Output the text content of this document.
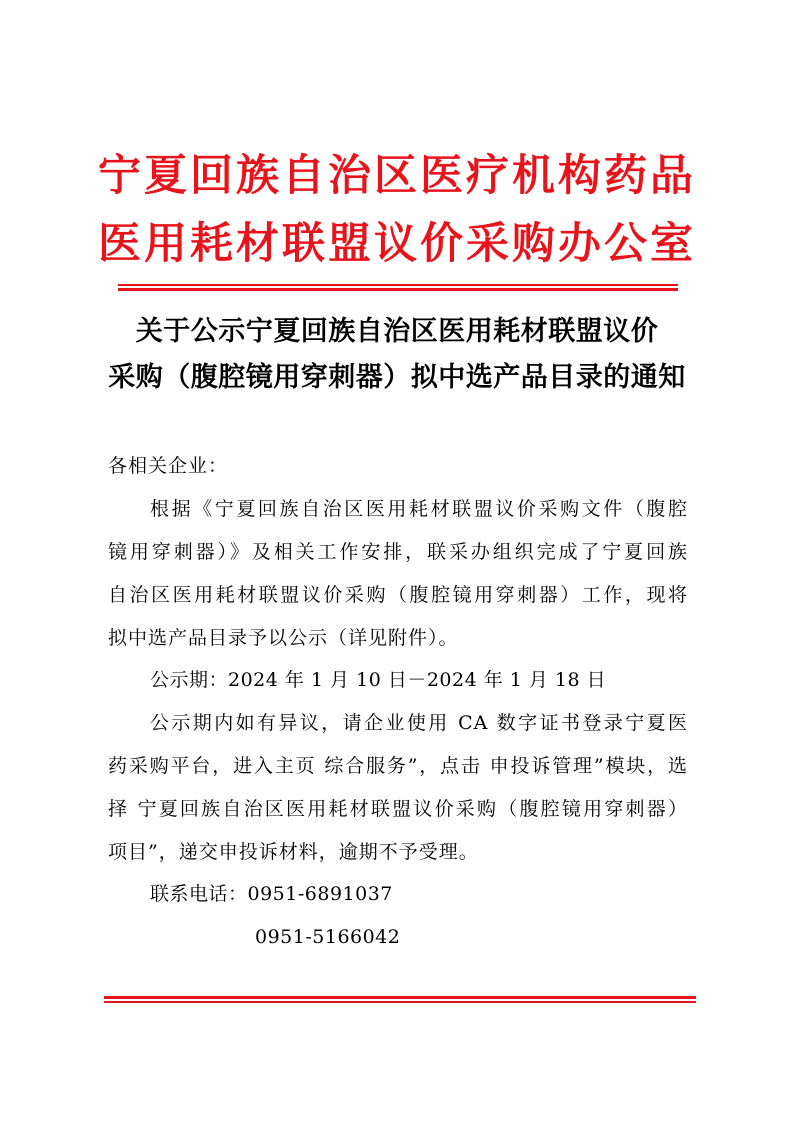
宁夏回族自治区医疗机构药品
医用耗材联盟议价采购办公室
关于公示宁夏回族自治区医用耗材联盟议价
采购（腹腔镜用穿刺器）拟中选产品目录的通知
各相关企业：
根据《宁夏回族自治区医用耗材联盟议价采购文件（腹腔
镜用穿刺器）》及相关工作安排，联采办组织完成了宁夏回族
自治区医用耗材联盟议价采购（腹腔镜用穿刺器）工作，现将
拟中选产品目录予以公示（详见附件）。
公示期：2024 年 1 月 10 日－2024 年 1 月 18 日
公示期内如有异议，请企业使用 CA 数字证书登录宁夏医
药采购平台，进入主页 综合服务”，点击 申投诉管理”模块，选
择 宁夏回族自治区医用耗材联盟议价采购（腹腔镜用穿刺器）
项目”，递交申投诉材料，逾期不予受理。
联系电话：0951-6891037
0951-5166042
